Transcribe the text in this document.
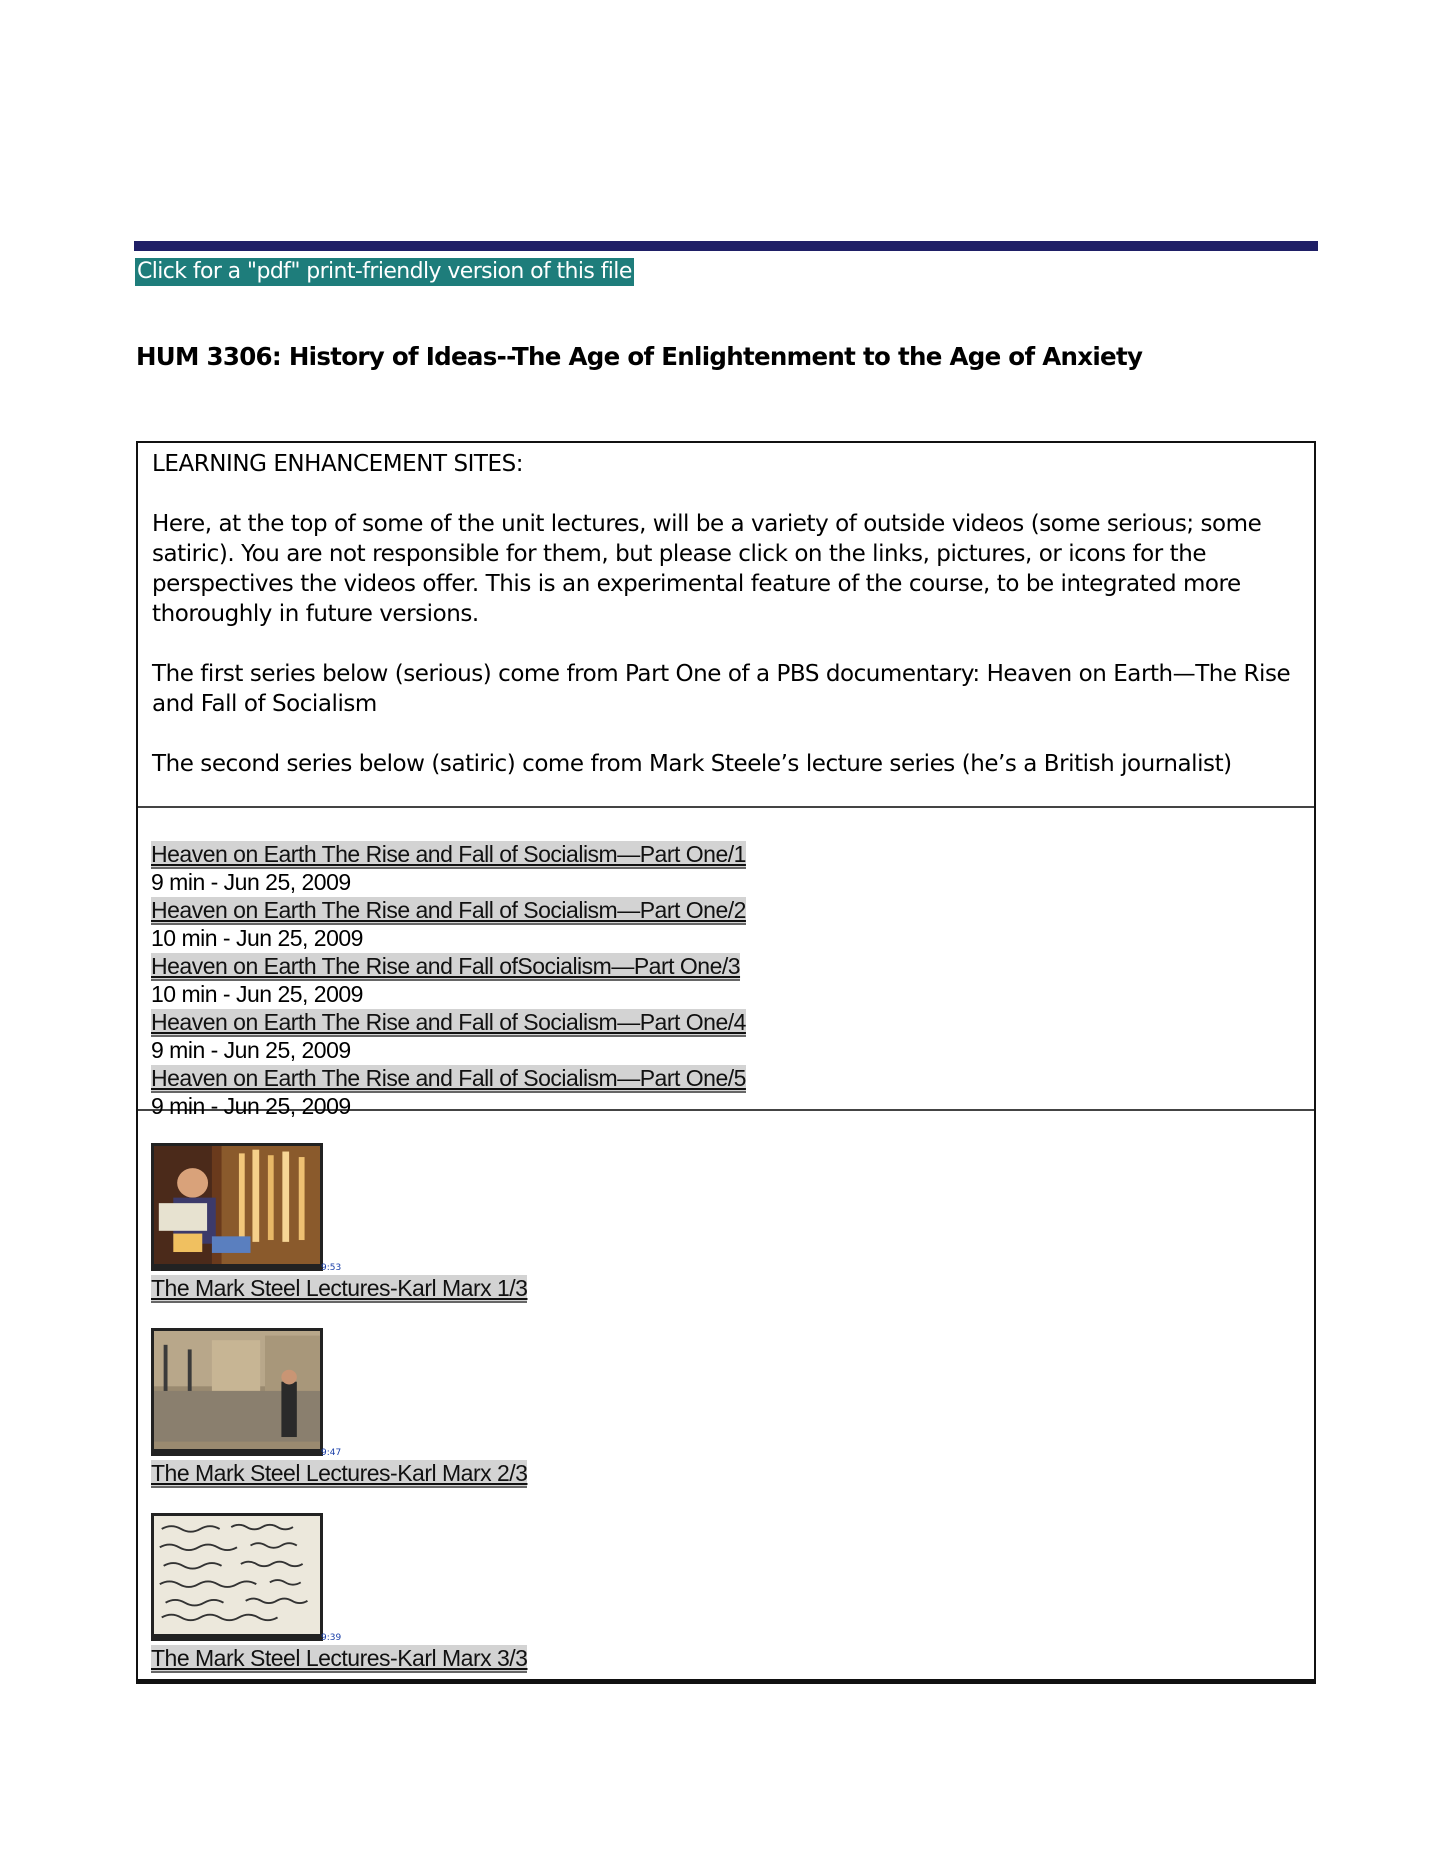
Click for a "pdf" print-friendly version of this file
HUM 3306: History of Ideas--The Age of Enlightenment to the Age of Anxiety

LEARNING ENHANCEMENT SITES:

Here, at the top of some of the unit lectures, will be a variety of outside videos (some serious; some satiric). You are not responsible for them, but please click on the links, pictures, or icons for the perspectives the videos offer. This is an experimental feature of the course, to be integrated more thoroughly in future versions.

The first series below (serious) come from Part One of a PBS documentary: Heaven on Earth—The Rise and Fall of Socialism

The second series below (satiric) come from Mark Steele’s lecture series (he’s a British journalist)

Heaven on Earth The Rise and Fall of Socialism—Part One/1
9 min - Jun 25, 2009
Heaven on Earth The Rise and Fall of Socialism—Part One/2
10 min - Jun 25, 2009
Heaven on Earth The Rise and Fall ofSocialism—Part One/3
10 min - Jun 25, 2009
Heaven on Earth The Rise and Fall of Socialism—Part One/4
9 min - Jun 25, 2009
Heaven on Earth The Rise and Fall of Socialism—Part One/5
9 min - Jun 25, 2009
9:53
The Mark Steel Lectures-Karl Marx 1/3
9:47
The Mark Steel Lectures-Karl Marx 2/3
9:39
The Mark Steel Lectures-Karl Marx 3/3
